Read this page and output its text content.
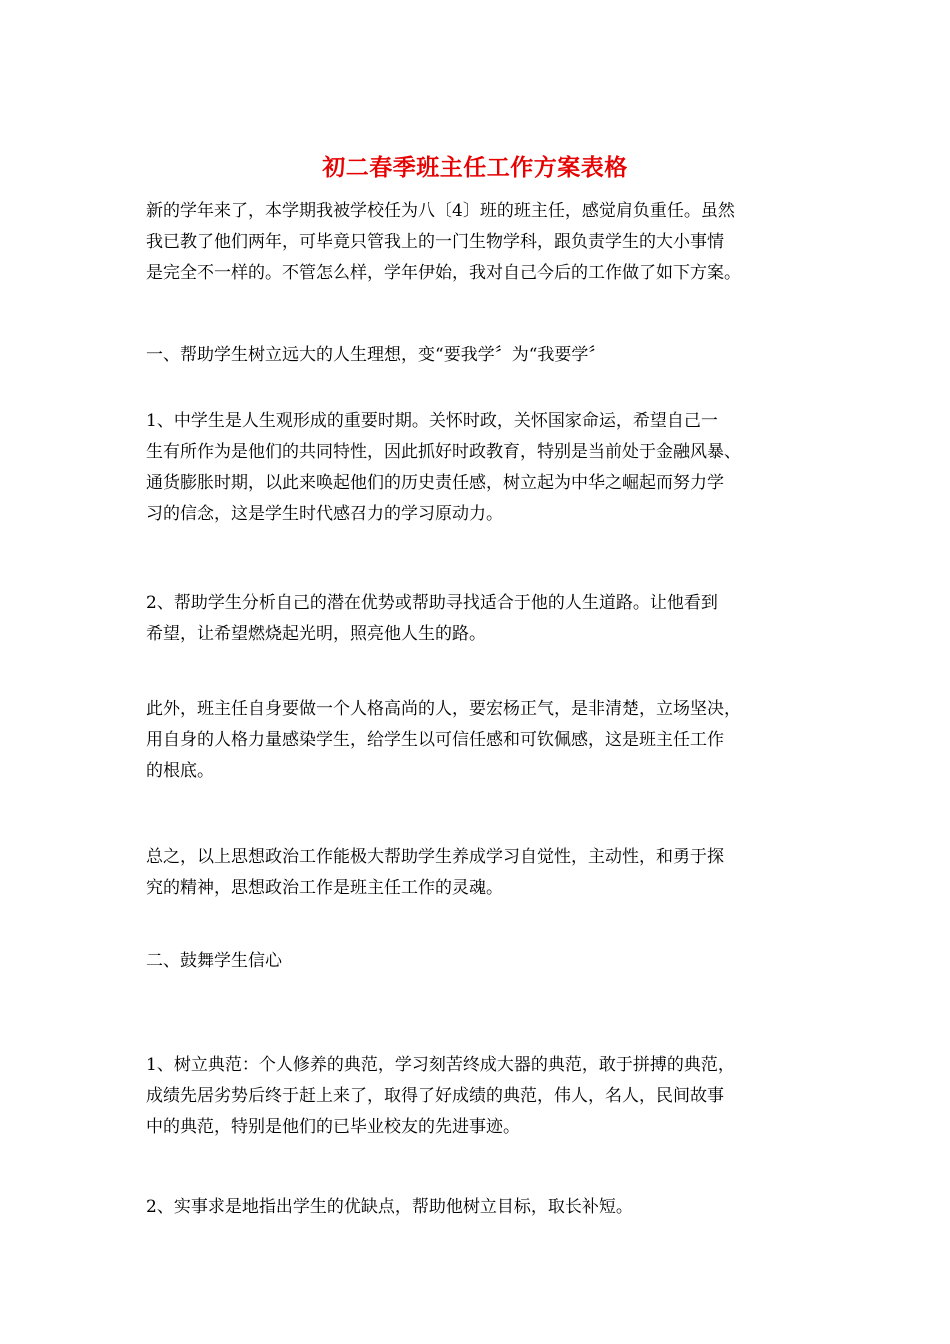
初二春季班主任工作方案表格

新的学年来了，本学期我被学校任为八〔4〕班的班主任，感觉肩负重任。虽然
我已教了他们两年，可毕竟只管我上的一门生物学科，跟负责学生的大小事情
是完全不一样的。不管怎么样，学年伊始，我对自己今后的工作做了如下方案。

一、帮助学生树立远大的人生理想，变“要我学〞为“我要学〞

1、中学生是人生观形成的重要时期。关怀时政，关怀国家命运，希望自己一
生有所作为是他们的共同特性，因此抓好时政教育，特别是当前处于金融风暴、
通货膨胀时期，以此来唤起他们的历史责任感，树立起为中华之崛起而努力学
习的信念，这是学生时代感召力的学习原动力。

2、帮助学生分析自己的潜在优势或帮助寻找适合于他的人生道路。让他看到
希望，让希望燃烧起光明，照亮他人生的路。

此外，班主任自身要做一个人格高尚的人，要宏杨正气，是非清楚，立场坚决，
用自身的人格力量感染学生，给学生以可信任感和可钦佩感，这是班主任工作
的根底。

总之，以上思想政治工作能极大帮助学生养成学习自觉性，主动性，和勇于探
究的精神，思想政治工作是班主任工作的灵魂。

二、鼓舞学生信心

1、树立典范：个人修养的典范，学习刻苦终成大器的典范，敢于拼搏的典范，
成绩先居劣势后终于赶上来了，取得了好成绩的典范，伟人，名人，民间故事
中的典范，特别是他们的已毕业校友的先进事迹。

2、实事求是地指出学生的优缺点，帮助他树立目标，取长补短。
